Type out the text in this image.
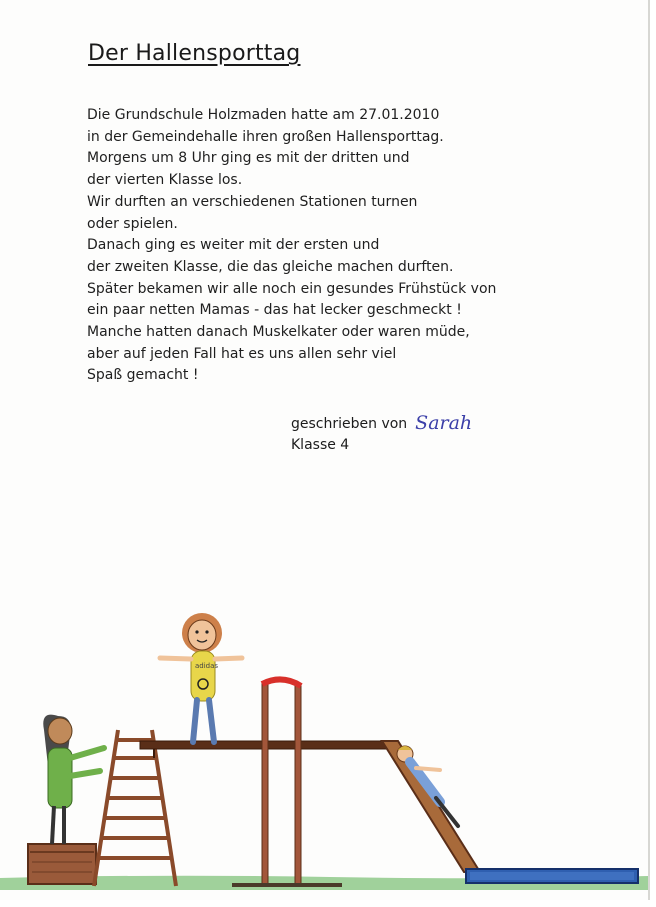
Der Hallensporttag
Die Grundschule Holzmaden hatte am 27.01.2010
in der Gemeindehalle ihren großen Hallensporttag.
Morgens um 8 Uhr ging es mit der dritten und
der vierten Klasse los.
Wir durften an verschiedenen Stationen turnen
oder spielen.
Danach ging es weiter mit der ersten und
der zweiten Klasse, die das gleiche machen durften.
Später bekamen wir alle noch ein gesundes Frühstück von
ein paar netten Mamas - das hat lecker geschmeckt !
Manche hatten danach Muskelkater oder waren müde,
aber auf jeden Fall hat es uns allen sehr viel
Spaß gemacht !
geschrieben von Sarah
Klasse 4
adidas
